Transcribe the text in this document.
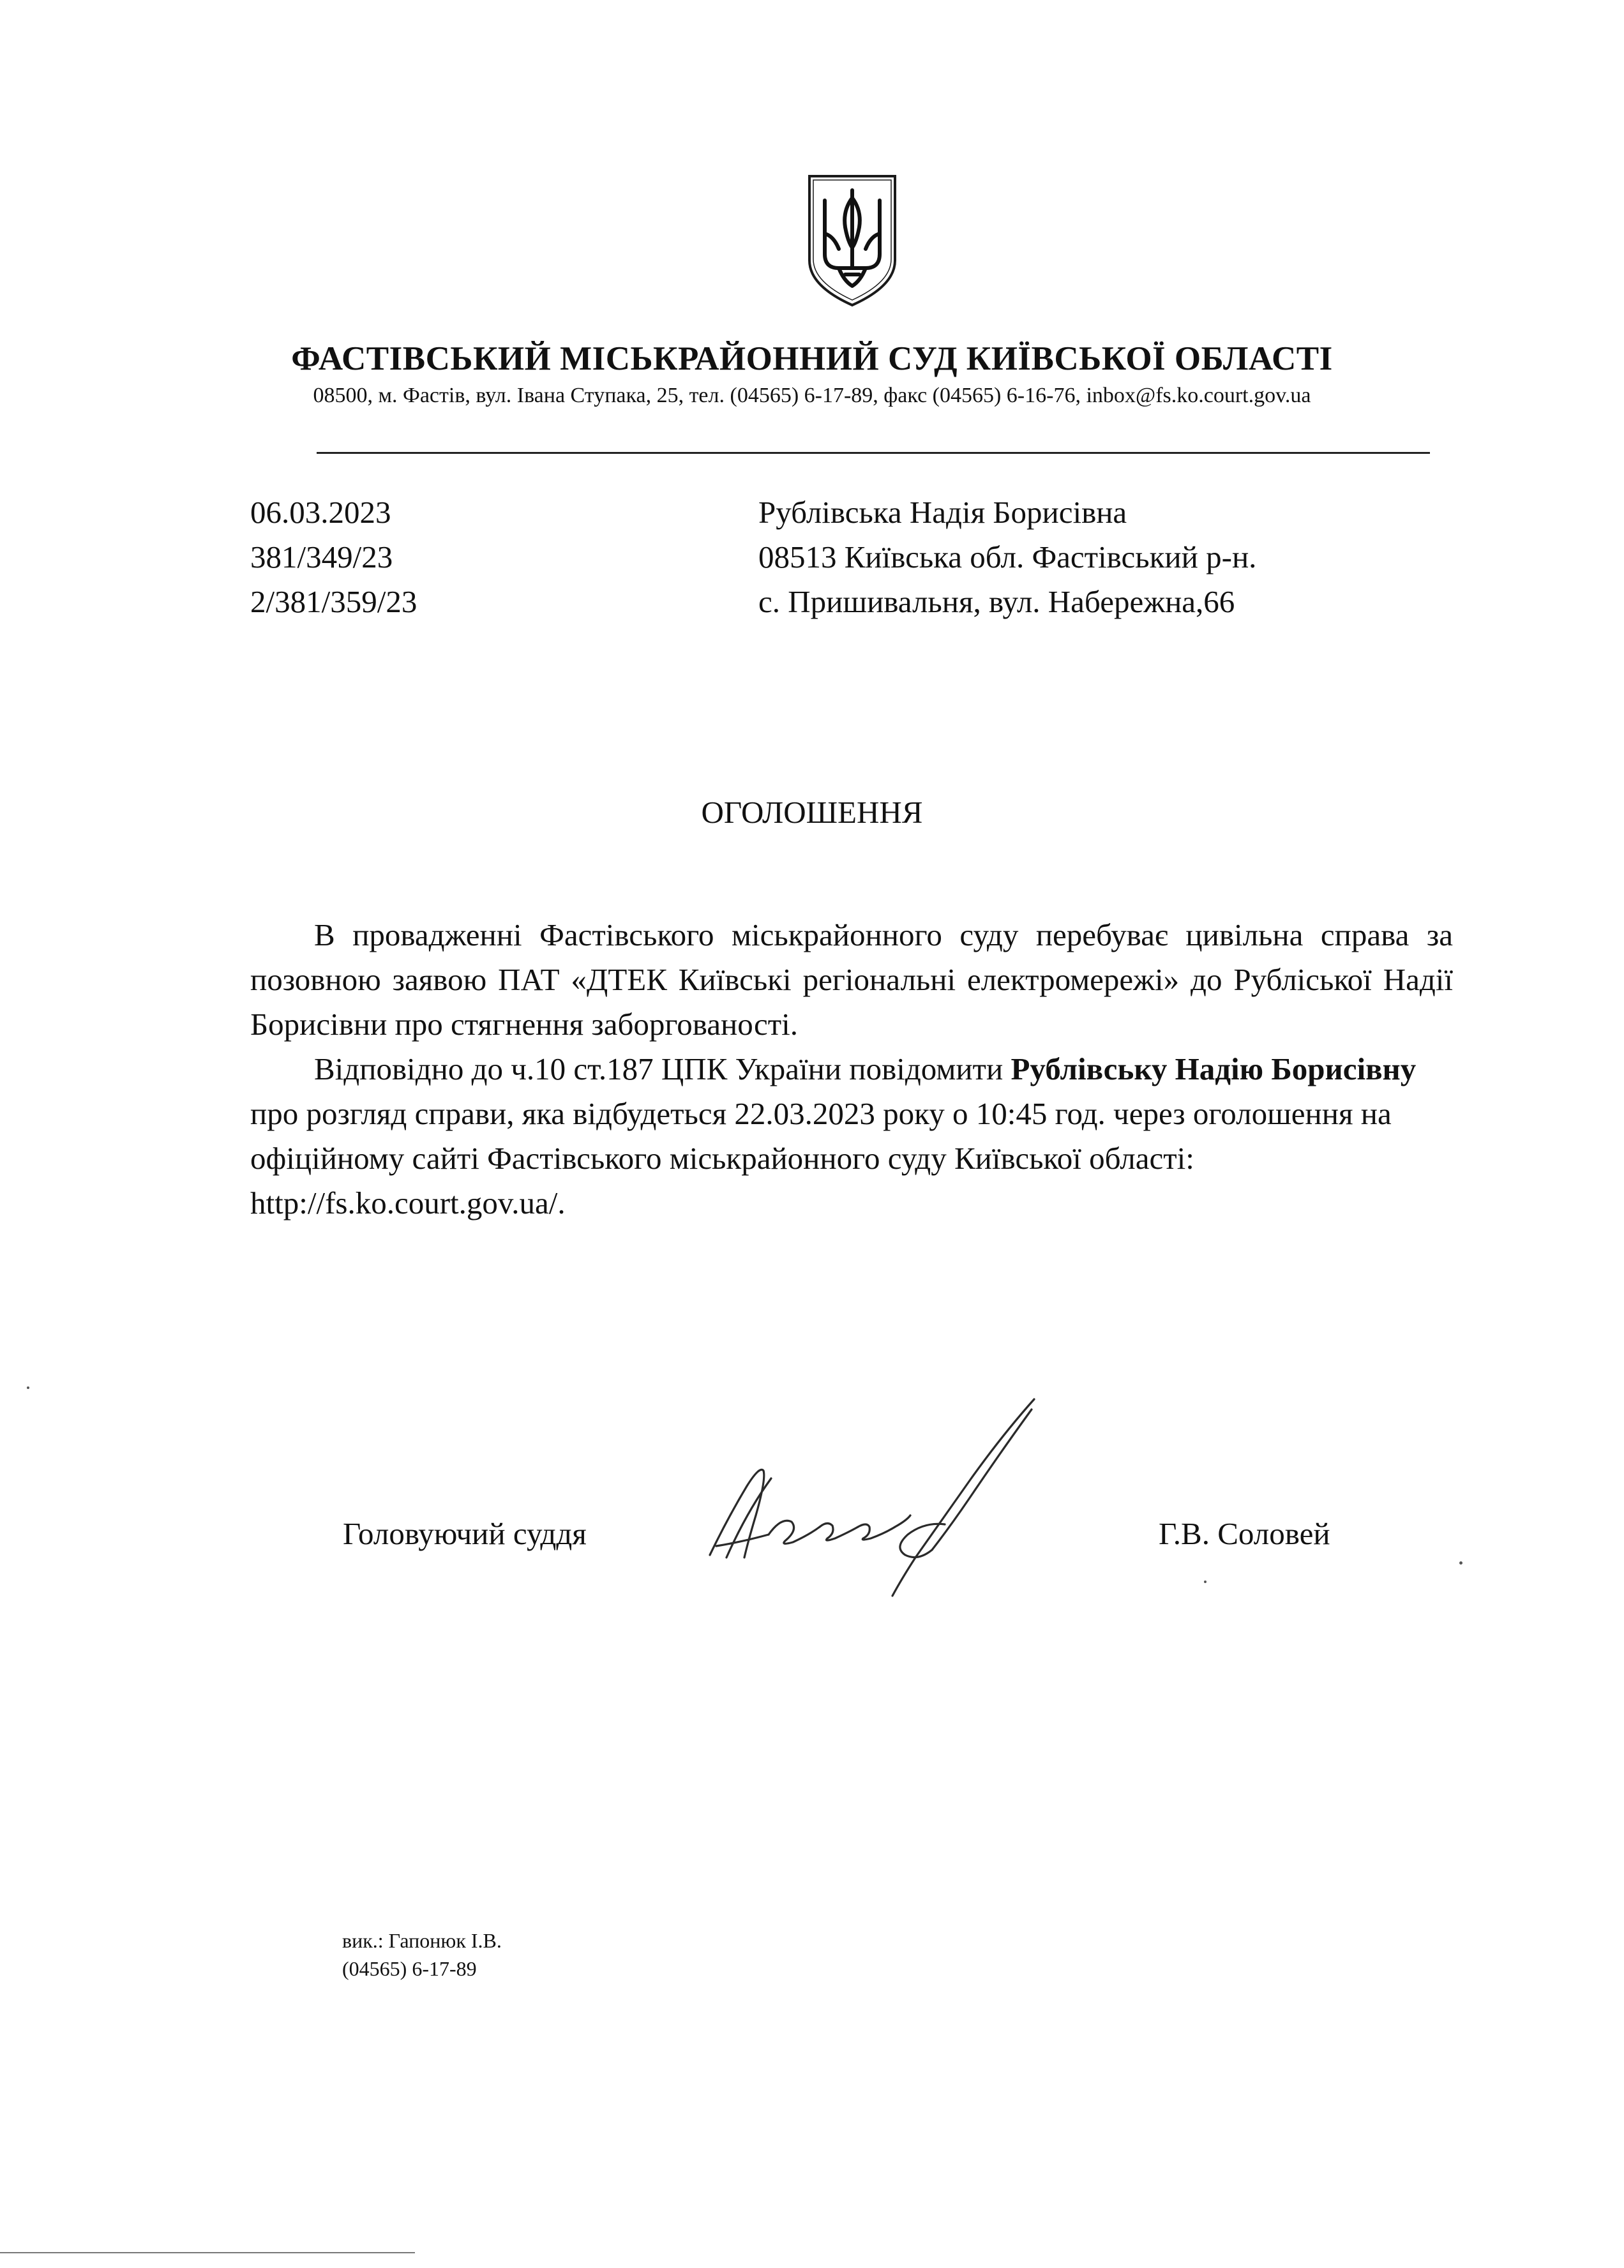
ФАСТІВСЬКИЙ МІСЬКРАЙОННИЙ СУД КИЇВСЬКОЇ ОБЛАСТІ
08500, м. Фастів, вул. Івана Ступака, 25, тел. (04565) 6-17-89, факс (04565) 6-16-76, inbox@fs.ko.court.gov.ua
06.03.2023
381/349/23
2/381/359/23
Рублівська Надія Борисівна
08513 Київська обл. Фастівський р-н.
с. Пришивальня, вул. Набережна,66
ОГОЛОШЕННЯ

В провадженні Фастівського міськрайонного суду перебуває цивільна справа за позовною заявою ПАТ «ДТЕК Київські регіональні електромережі» до Рубліської Надії Борисівни про стягнення заборгованості.

Відповідно до ч.10 ст.187 ЦПК України повідомити Рублівську Надію Борисівну про розгляд справи, яка відбудеться 22.03.2023 року о 10:45 год. через оголошення на офіційному сайті Фастівського міськрайонного суду Київської області: http://fs.ko.court.gov.ua/.

Головуючий суддя	Г.В. Соловей
вик.: Гапонюк І.В.
(04565) 6-17-89
